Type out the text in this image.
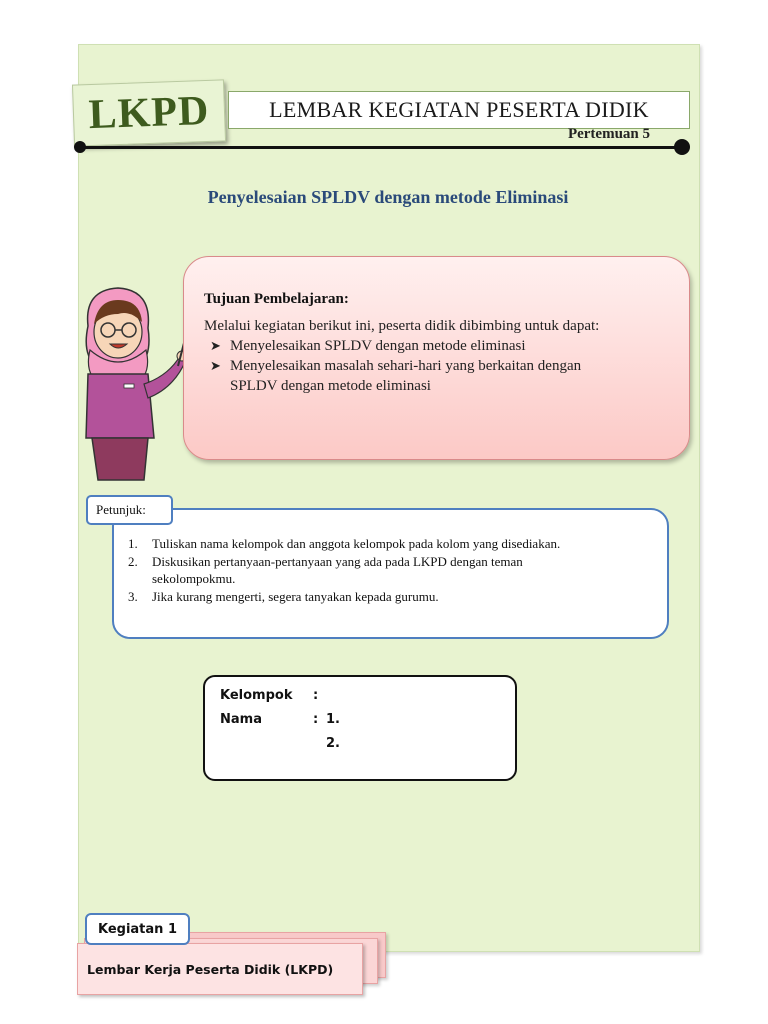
LKPD	LEMBAR KEGIATAN PESERTA DIDIK
Pertemuan 5
Penyelesaian SPLDV dengan metode Eliminasi
Tujuan Pembelajaran:
Melalui kegiatan berikut ini, peserta didik dibimbing untuk dapat:
➤ Menyelesaikan SPLDV dengan metode eliminasi
➤ Menyelesaikan masalah sehari-hari yang berkaitan dengan
SPLDV dengan metode eliminasi
Petunjuk:
1. Tuliskan nama kelompok dan anggota kelompok pada kolom yang disediakan.
2. Diskusikan pertanyaan-pertanyaan yang ada pada LKPD dengan teman
sekolompokmu.
3. Jika kurang mengerti, segera tanyakan kepada gurumu.
Kelompok :
Nama	: 1.
2.
Lembar Kerja Peserta Didik (LKPD)
Kegiatan 1
